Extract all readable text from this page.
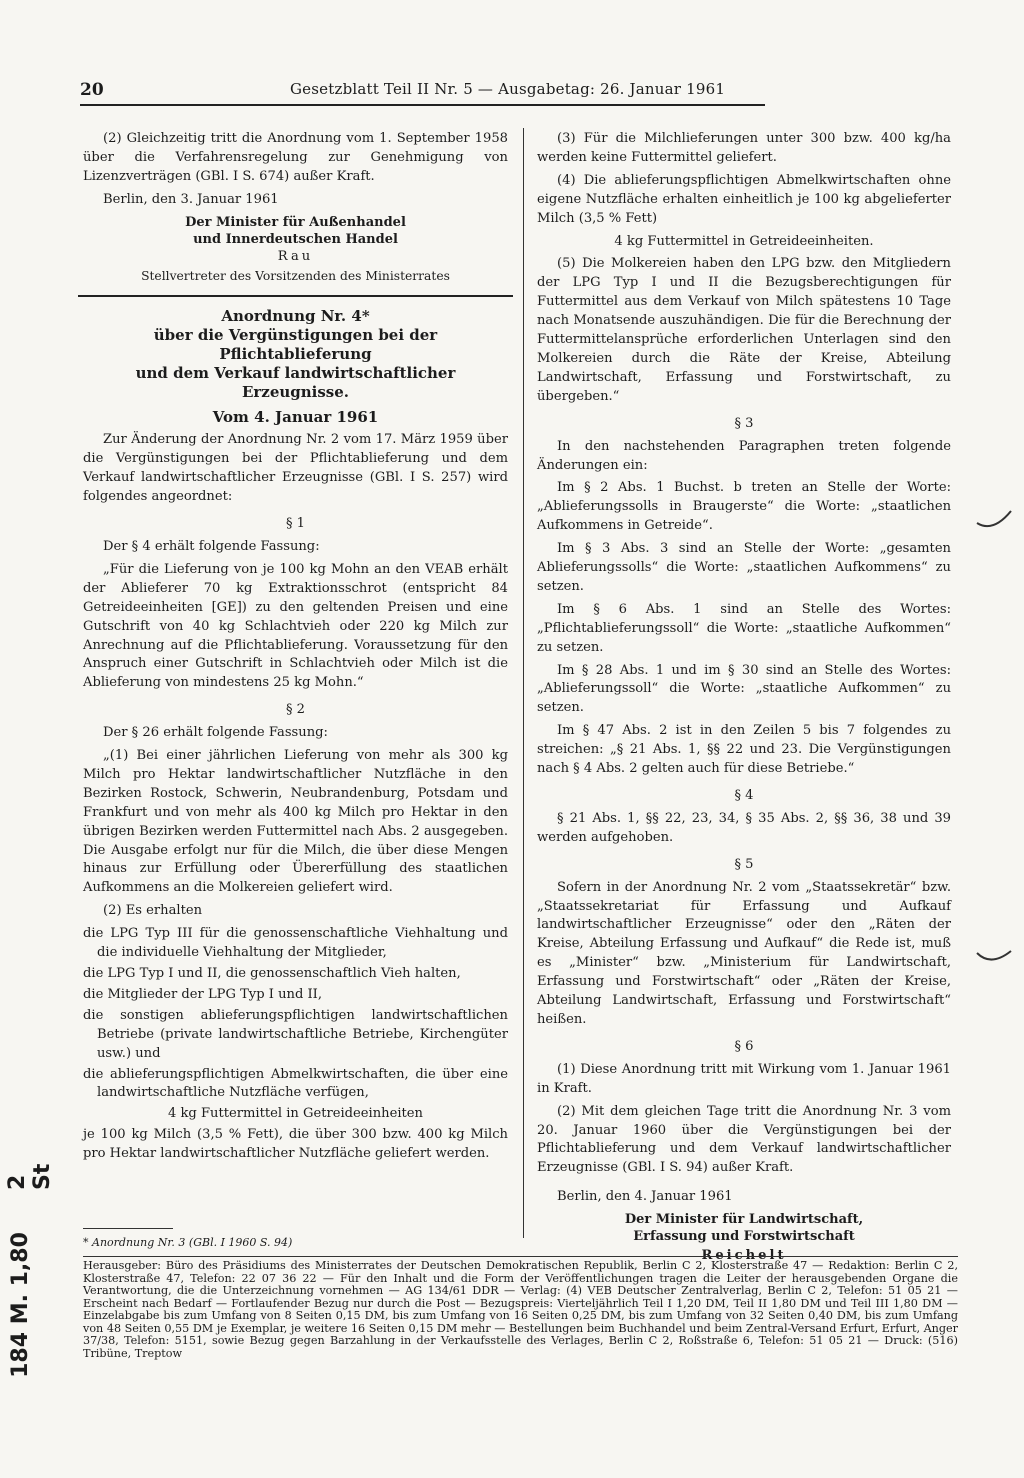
20	Gesetzblatt Teil II Nr. 5 — Ausgabetag: 26. Januar 1961

(2) Gleichzeitig tritt die Anordnung vom 1. September 1958 über die Verfahrensregelung zur Genehmigung von Lizenzverträgen (GBl. I S. 674) außer Kraft.

Berlin, den 3. Januar 1961

Der Minister für Außenhandel

und Innerdeutschen Handel

Rau

Stellvertreter des Vorsitzenden des Ministerrates

Anordnung Nr. 4*

über die Vergünstigungen bei der Pflichtablieferung

und dem Verkauf landwirtschaftlicher Erzeugnisse.

Vom 4. Januar 1961

Zur Änderung der Anordnung Nr. 2 vom 17. März 1959 über die Vergünstigungen bei der Pflichtablieferung und dem Verkauf landwirtschaftlicher Erzeugnisse (GBl. I S. 257) wird folgendes angeordnet:

§ 1

Der § 4 erhält folgende Fassung:

„Für die Lieferung von je 100 kg Mohn an den VEAB erhält der Ablieferer 70 kg Extraktionsschrot (entspricht 84 Getreideeinheiten [GE]) zu den geltenden Preisen und eine Gutschrift von 40 kg Schlachtvieh oder 220 kg Milch zur Anrechnung auf die Pflichtablieferung. Voraussetzung für den Anspruch einer Gutschrift in Schlachtvieh oder Milch ist die Ablieferung von mindestens 25 kg Mohn.“

§ 2

Der § 26 erhält folgende Fassung:

„(1) Bei einer jährlichen Lieferung von mehr als 300 kg Milch pro Hektar landwirtschaftlicher Nutzfläche in den Bezirken Rostock, Schwerin, Neubrandenburg, Potsdam und Frankfurt und von mehr als 400 kg Milch pro Hektar in den übrigen Bezirken werden Futtermittel nach Abs. 2 ausgegeben. Die Ausgabe erfolgt nur für die Milch, die über diese Mengen hinaus zur Erfüllung oder Übererfüllung des staatlichen Aufkommens an die Molkereien geliefert wird.

(2) Es erhalten

die LPG Typ III für die genossenschaftliche Viehhaltung und die individuelle Viehhaltung der Mitglieder,

die LPG Typ I und II, die genossenschaftlich Vieh halten,

die Mitglieder der LPG Typ I und II,

die sonstigen ablieferungspflichtigen landwirtschaftlichen Betriebe (private landwirtschaftliche Betriebe, Kirchengüter usw.) und

die ablieferungspflichtigen Abmelkwirtschaften, die über eine landwirtschaftliche Nutzfläche verfügen,

4 kg Futtermittel in Getreideeinheiten

je 100 kg Milch (3,5 % Fett), die über 300 bzw. 400 kg Milch pro Hektar landwirtschaftlicher Nutzfläche geliefert werden.

(3) Für die Milchlieferungen unter 300 bzw. 400 kg/ha werden keine Futtermittel geliefert.

(4) Die ablieferungspflichtigen Abmelkwirtschaften ohne eigene Nutzfläche erhalten einheitlich je 100 kg abgelieferter Milch (3,5 % Fett)

4 kg Futtermittel in Getreideeinheiten.

(5) Die Molkereien haben den LPG bzw. den Mitgliedern der LPG Typ I und II die Bezugsberechtigungen für Futtermittel aus dem Verkauf von Milch spätestens 10 Tage nach Monatsende auszuhändigen. Die für die Berechnung der Futtermittelansprüche erforderlichen Unterlagen sind den Molkereien durch die Räte der Kreise, Abteilung Landwirtschaft, Erfassung und Forstwirtschaft, zu übergeben.“

§ 3

In den nachstehenden Paragraphen treten folgende Änderungen ein:

Im § 2 Abs. 1 Buchst. b treten an Stelle der Worte: „Ablieferungssolls in Braugerste“ die Worte: „staatlichen Aufkommens in Getreide“.

Im § 3 Abs. 3 sind an Stelle der Worte: „gesamten Ablieferungssolls“ die Worte: „staatlichen Aufkommens“ zu setzen.

Im § 6 Abs. 1 sind an Stelle des Wortes: „Pflichtablieferungssoll“ die Worte: „staatliche Aufkommen“ zu setzen.

Im § 28 Abs. 1 und im § 30 sind an Stelle des Wortes: „Ablieferungssoll“ die Worte: „staatliche Aufkommen“ zu setzen.

Im § 47 Abs. 2 ist in den Zeilen 5 bis 7 folgendes zu streichen: „§ 21 Abs. 1, §§ 22 und 23. Die Vergünstigungen nach § 4 Abs. 2 gelten auch für diese Betriebe.“

§ 4

§ 21 Abs. 1, §§ 22, 23, 34, § 35 Abs. 2, §§ 36, 38 und 39 werden aufgehoben.

§ 5

Sofern in der Anordnung Nr. 2 vom „Staatssekretär“ bzw. „Staatssekretariat für Erfassung und Aufkauf landwirtschaftlicher Erzeugnisse“ oder den „Räten der Kreise, Abteilung Erfassung und Aufkauf“ die Rede ist, muß es „Minister“ bzw. „Ministerium für Landwirtschaft, Erfassung und Forstwirtschaft“ oder „Räten der Kreise, Abteilung Landwirtschaft, Erfassung und Forstwirtschaft“ heißen.

§ 6

(1) Diese Anordnung tritt mit Wirkung vom 1. Januar 1961 in Kraft.

(2) Mit dem gleichen Tage tritt die Anordnung Nr. 3 vom 20. Januar 1960 über die Vergünstigungen bei der Pflichtablieferung und dem Verkauf landwirtschaftlicher Erzeugnisse (GBl. I S. 94) außer Kraft.

Berlin, den 4. Januar 1961

Der Minister für Landwirtschaft,

Erfassung und Forstwirtschaft

Reichelt

* Anordnung Nr. 3 (GBl. I 1960 S. 94)
Herausgeber: Büro des Präsidiums des Ministerrates der Deutschen Demokratischen Republik, Berlin C 2, Klosterstraße 47 — Redaktion: Berlin C 2, Klosterstraße 47, Telefon: 22 07 36 22 — Für den Inhalt und die Form der Veröffentlichungen tragen die Leiter der herausgebenden Organe die Verantwortung, die die Unterzeichnung vornehmen — AG 134/61 DDR — Verlag: (4) VEB Deutscher Zentralverlag, Berlin C 2, Telefon: 51 05 21 — Erscheint nach Bedarf — Fortlaufender Bezug nur durch die Post — Bezugspreis: Vierteljährlich Teil I 1,20 DM, Teil II 1,80 DM und Teil III 1,80 DM — Einzelabgabe bis zum Umfang von 8 Seiten 0,15 DM, bis zum Umfang von 16 Seiten 0,25 DM, bis zum Umfang von 32 Seiten 0,40 DM, bis zum Umfang von 48 Seiten 0,55 DM je Exemplar, je weitere 16 Seiten 0,15 DM mehr — Bestellungen beim Buchhandel und beim Zentral-Versand Erfurt, Erfurt, Anger 37/38, Telefon: 5151, sowie Bezug gegen Barzahlung in der Verkaufsstelle des Verlages, Berlin C 2, Roßstraße 6, Telefon: 51 05 21 — Druck: (516) Tribüne, Treptow
2 St
184 M. 1,80
